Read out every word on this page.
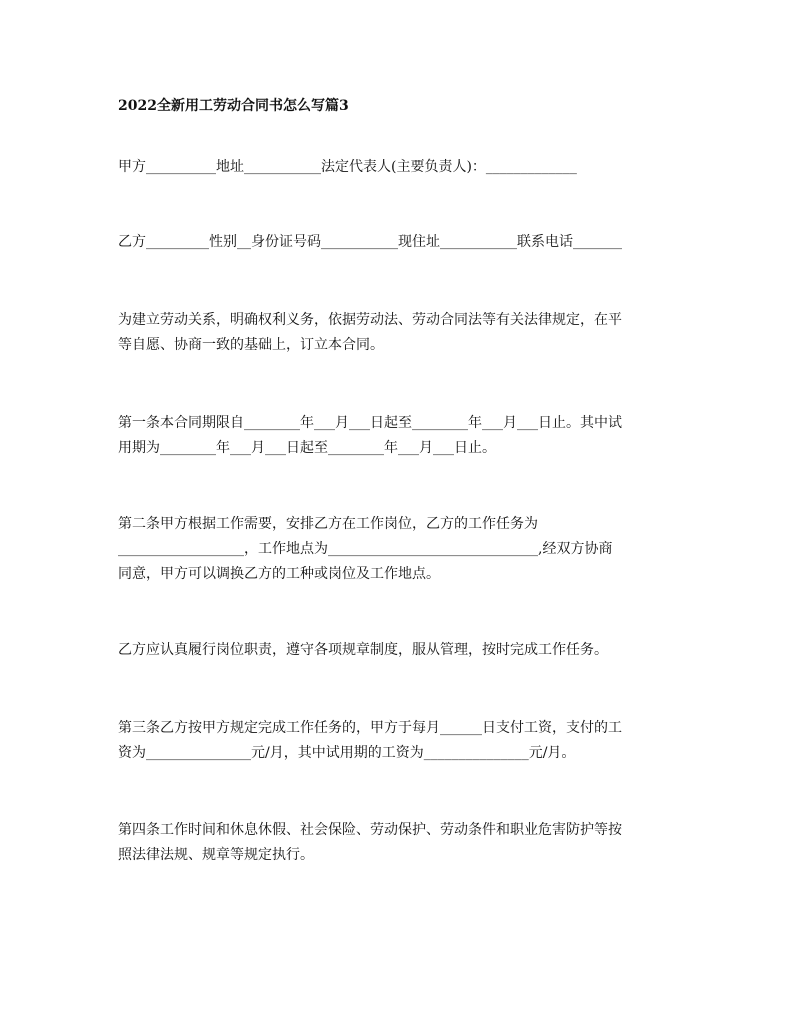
2022全新用工劳动合同书怎么写篇3
甲方__________地址___________法定代表人(主要负责人)：_____________
乙方_________性别__身份证号码___________现住址___________联系电话_______
为建立劳动关系，明确权利义务，依据劳动法、劳动合同法等有关法律规定，在平
等自愿、协商一致的基础上，订立本合同。
第一条本合同期限自________年___月___日起至________年___月___日止。其中试
用期为________年___月___日起至________年___月___日止。
第二条甲方根据工作需要，安排乙方在工作岗位，乙方的工作任务为
__________________，工作地点为______________________________,经双方协商
同意，甲方可以调换乙方的工种或岗位及工作地点。
乙方应认真履行岗位职责，遵守各项规章制度，服从管理，按时完成工作任务。
第三条乙方按甲方规定完成工作任务的，甲方于每月______日支付工资，支付的工
资为_______________元/月，其中试用期的工资为_______________元/月。
第四条工作时间和休息休假、社会保险、劳动保护、劳动条件和职业危害防护等按
照法律法规、规章等规定执行。
